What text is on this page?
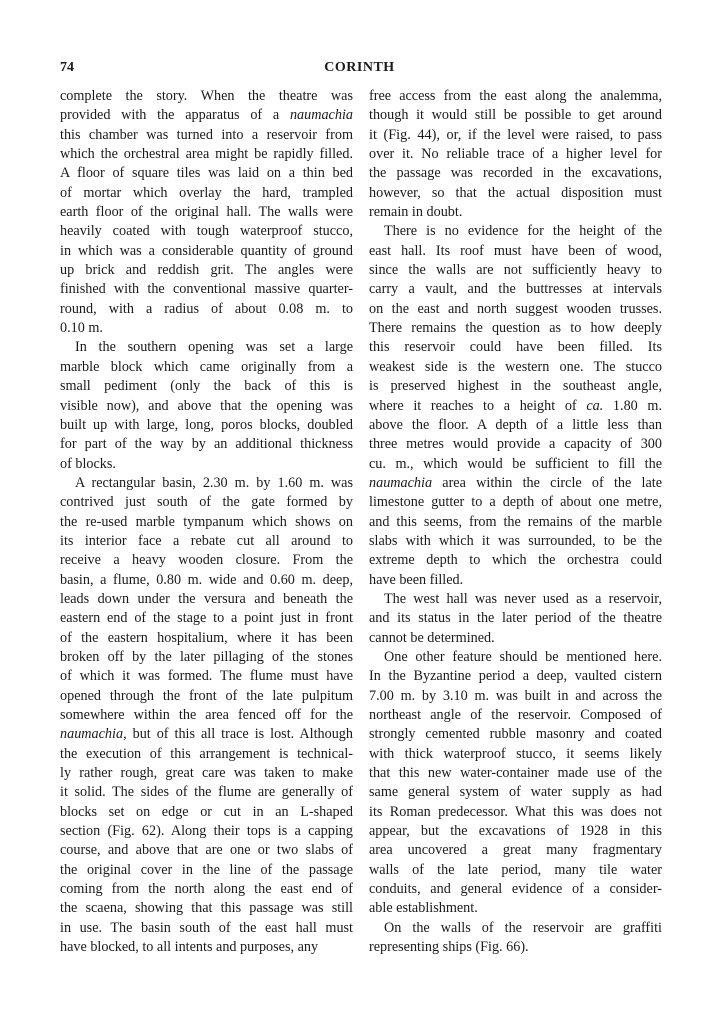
74	CORINTH
complete the story. When the theatre was
provided with the apparatus of a naumachia
this chamber was turned into a reservoir from
which the orchestral area might be rapidly filled.
A floor of square tiles was laid on a thin bed
of mortar which overlay the hard, trampled
earth floor of the original hall. The walls were
heavily coated with tough waterproof stucco,
in which was a considerable quantity of ground
up brick and reddish grit. The angles were
finished with the conventional massive quarter-
round, with a radius of about 0.08 m. to
0.10 m.
In the southern opening was set a large
marble block which came originally from a
small pediment (only the back of this is
visible now), and above that the opening was
built up with large, long, poros blocks, doubled
for part of the way by an additional thickness
of blocks.
A rectangular basin, 2.30 m. by 1.60 m. was
contrived just south of the gate formed by
the re-used marble tympanum which shows on
its interior face a rebate cut all around to
receive a heavy wooden closure. From the
basin, a flume, 0.80 m. wide and 0.60 m. deep,
leads down under the versura and beneath the
eastern end of the stage to a point just in front
of the eastern hospitalium, where it has been
broken off by the later pillaging of the stones
of which it was formed. The flume must have
opened through the front of the late pulpitum
somewhere within the area fenced off for the
naumachia, but of this all trace is lost. Although
the execution of this arrangement is technical-
ly rather rough, great care was taken to make
it solid. The sides of the flume are generally of
blocks set on edge or cut in an L-shaped
section (Fig. 62). Along their tops is a capping
course, and above that are one or two slabs of
the original cover in the line of the passage
coming from the north along the east end of
the scaena, showing that this passage was still
in use. The basin south of the east hall must
have blocked, to all intents and purposes, any
free access from the east along the analemma,
though it would still be possible to get around
it (Fig. 44), or, if the level were raised, to pass
over it. No reliable trace of a higher level for
the passage was recorded in the excavations,
however, so that the actual disposition must
remain in doubt.
There is no evidence for the height of the
east hall. Its roof must have been of wood,
since the walls are not sufficiently heavy to
carry a vault, and the buttresses at intervals
on the east and north suggest wooden trusses.
There remains the question as to how deeply
this reservoir could have been filled. Its
weakest side is the western one. The stucco
is preserved highest in the southeast angle,
where it reaches to a height of ca. 1.80 m.
above the floor. A depth of a little less than
three metres would provide a capacity of 300
cu. m., which would be sufficient to fill the
naumachia area within the circle of the late
limestone gutter to a depth of about one metre,
and this seems, from the remains of the marble
slabs with which it was surrounded, to be the
extreme depth to which the orchestra could
have been filled.
The west hall was never used as a reservoir,
and its status in the later period of the theatre
cannot be determined.
One other feature should be mentioned here.
In the Byzantine period a deep, vaulted cistern
7.00 m. by 3.10 m. was built in and across the
northeast angle of the reservoir. Composed of
strongly cemented rubble masonry and coated
with thick waterproof stucco, it seems likely
that this new water-container made use of the
same general system of water supply as had
its Roman predecessor. What this was does not
appear, but the excavations of 1928 in this
area uncovered a great many fragmentary
walls of the late period, many tile water
conduits, and general evidence of a consider-
able establishment.
On the walls of the reservoir are graffiti
representing ships (Fig. 66).
